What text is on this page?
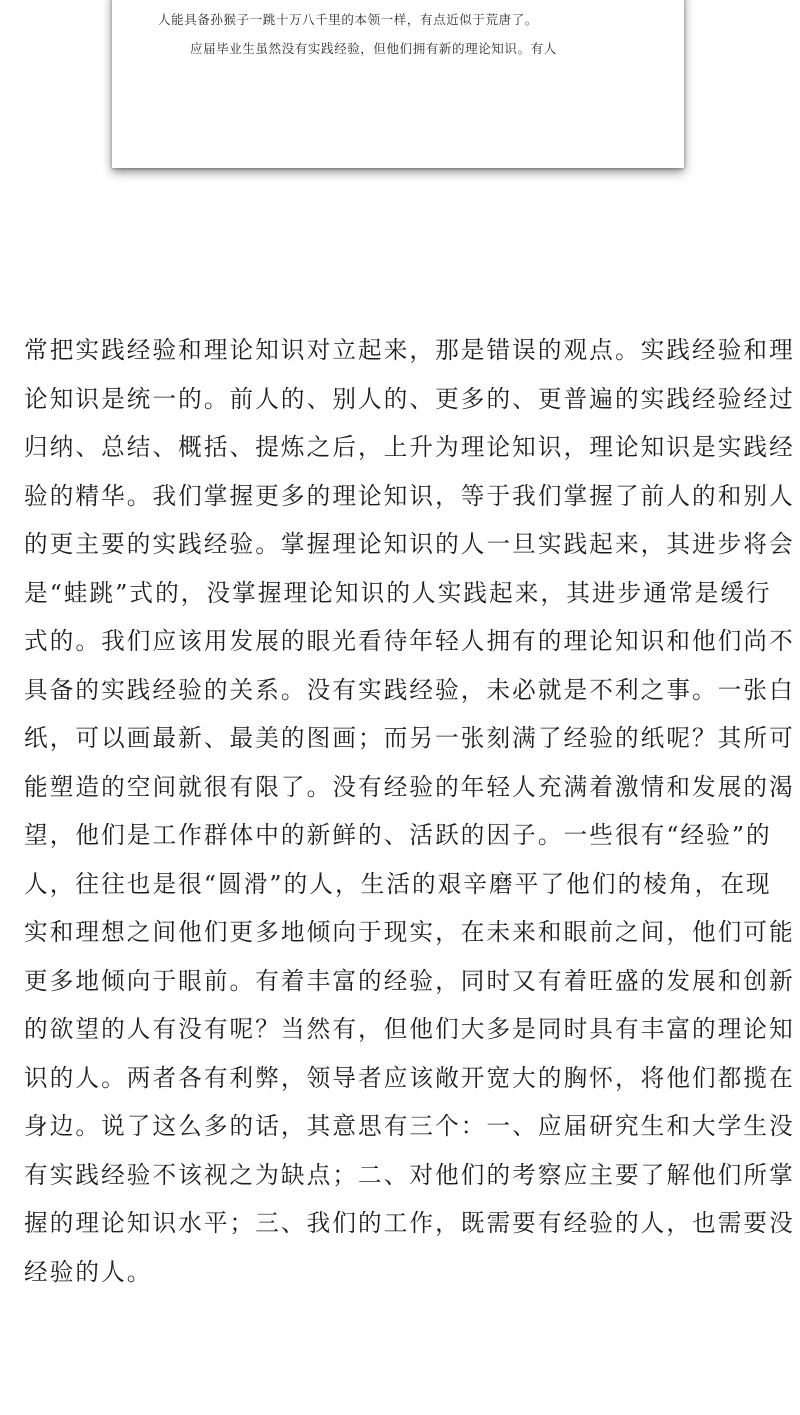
人能具备孙猴子一跳十万八千里的本领一样，有点近似于荒唐了。
应届毕业生虽然没有实践经验，但他们拥有新的理论知识。有人
常把实践经验和理论知识对立起来，那是错误的观点。实践经验和理
论知识是统一的。前人的、别人的、更多的、更普遍的实践经验经过
归纳、总结、概括、提炼之后，上升为理论知识，理论知识是实践经
验的精华。我们掌握更多的理论知识，等于我们掌握了前人的和别人
的更主要的实践经验。掌握理论知识的人一旦实践起来，其进步将会
是“蛙跳”式的，没掌握理论知识的人实践起来，其进步通常是缓行
式的。我们应该用发展的眼光看待年轻人拥有的理论知识和他们尚不
具备的实践经验的关系。没有实践经验，未必就是不利之事。一张白
纸，可以画最新、最美的图画；而另一张刻满了经验的纸呢？其所可
能塑造的空间就很有限了。没有经验的年轻人充满着激情和发展的渴
望，他们是工作群体中的新鲜的、活跃的因子。一些很有“经验”的
人，往往也是很“圆滑”的人，生活的艰辛磨平了他们的棱角，在现
实和理想之间他们更多地倾向于现实，在未来和眼前之间，他们可能
更多地倾向于眼前。有着丰富的经验，同时又有着旺盛的发展和创新
的欲望的人有没有呢？当然有，但他们大多是同时具有丰富的理论知
识的人。两者各有利弊，领导者应该敞开宽大的胸怀，将他们都揽在
身边。说了这么多的话，其意思有三个：一、应届研究生和大学生没
有实践经验不该视之为缺点；二、对他们的考察应主要了解他们所掌
握的理论知识水平；三、我们的工作，既需要有经验的人，也需要没
经验的人。
